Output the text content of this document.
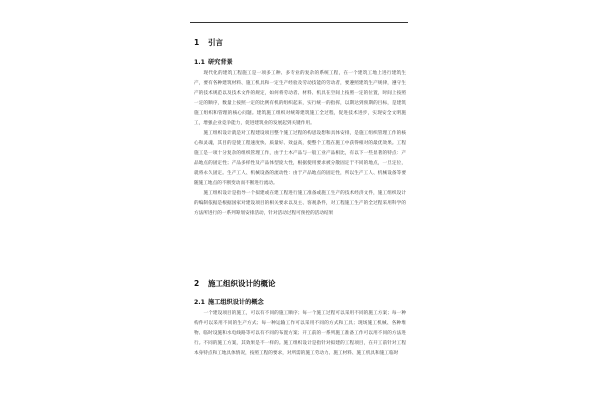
1 引言
1.1 研究背景

现代化的建筑工程施工是一项多工种、多专业的复杂的系统工程，在一个建筑工地上进行建筑生产，要有各种建筑材料、施工机具和一定生产经验及劳动技能的劳动者，要遵照建筑生产规律，遵守生产的技术规范以及技术文件的规定，如何将劳动者、材料、机具在空间上按照一定的位置，时间上按照一定的顺序，数量上按照一定的比例有机的组织起来，实行统一的指挥，以期达到预期的目标，是建筑施工组织和管理的核心问题。建筑施工组织对统筹建筑施工全过程，促进技术进步，实现安全文明施工，增强企业竞争能力，促进建筑业的发展起到关键作用。

施工组织设计就是对工程建设项目整个施工过程的构思设想和具体安排，是施工组织管理工作的核心和灵魂，其目的是使工程速度快、质量好、效益高，使整个工程在施工中获得相对的最优效果。工程施工是一项十分复杂的组织管理工作，由于土木产品与一般工业产品相比，有以下一些显著的特点：产品地点的固定性；产品多样性及产品体型庞大性，根据使用要求被分散固定于不同的地点，一旦定位，就将永久固定。生产工人、机械设备的流动性：由于产品地点的固定性，所以生产工人、机械设备等要随施工地点的不断变动而不断进行流动。

施工组织设计是指导一个拟建或在建工程进行施工准备或施工生产的技术经济文件，施工组织设计的编制依据是根据国家对建设项目的相关要求以及主、客观条件，对工程施工生产的全过程采用科学的方法所进行的一系列筹划安排活动，针对活动过程可预控的活动结果

2 施工组织设计的概论
2.1 施工组织设计的概念

一个建设项目的施工，可以有不同的施工顺序；每一个施工过程可以采用不同的施工方案；每一种构件可以采用不同的生产方式；每一种运输工作可以采用不同的方式和工具；现场施工机械、各种堆物、临时设施和水电线路等可以有不同的布置方案；开工前的一系列施工准备工作可以用不同的方法进行。不同的施工方案，其效果是不一样的。施工组织设计是指针对拟建的工程项目，在开工前针对工程本身特点和工地具体情况，按照工程的要求，对所需的施工劳动力、施工材料、施工机具和施工临时
